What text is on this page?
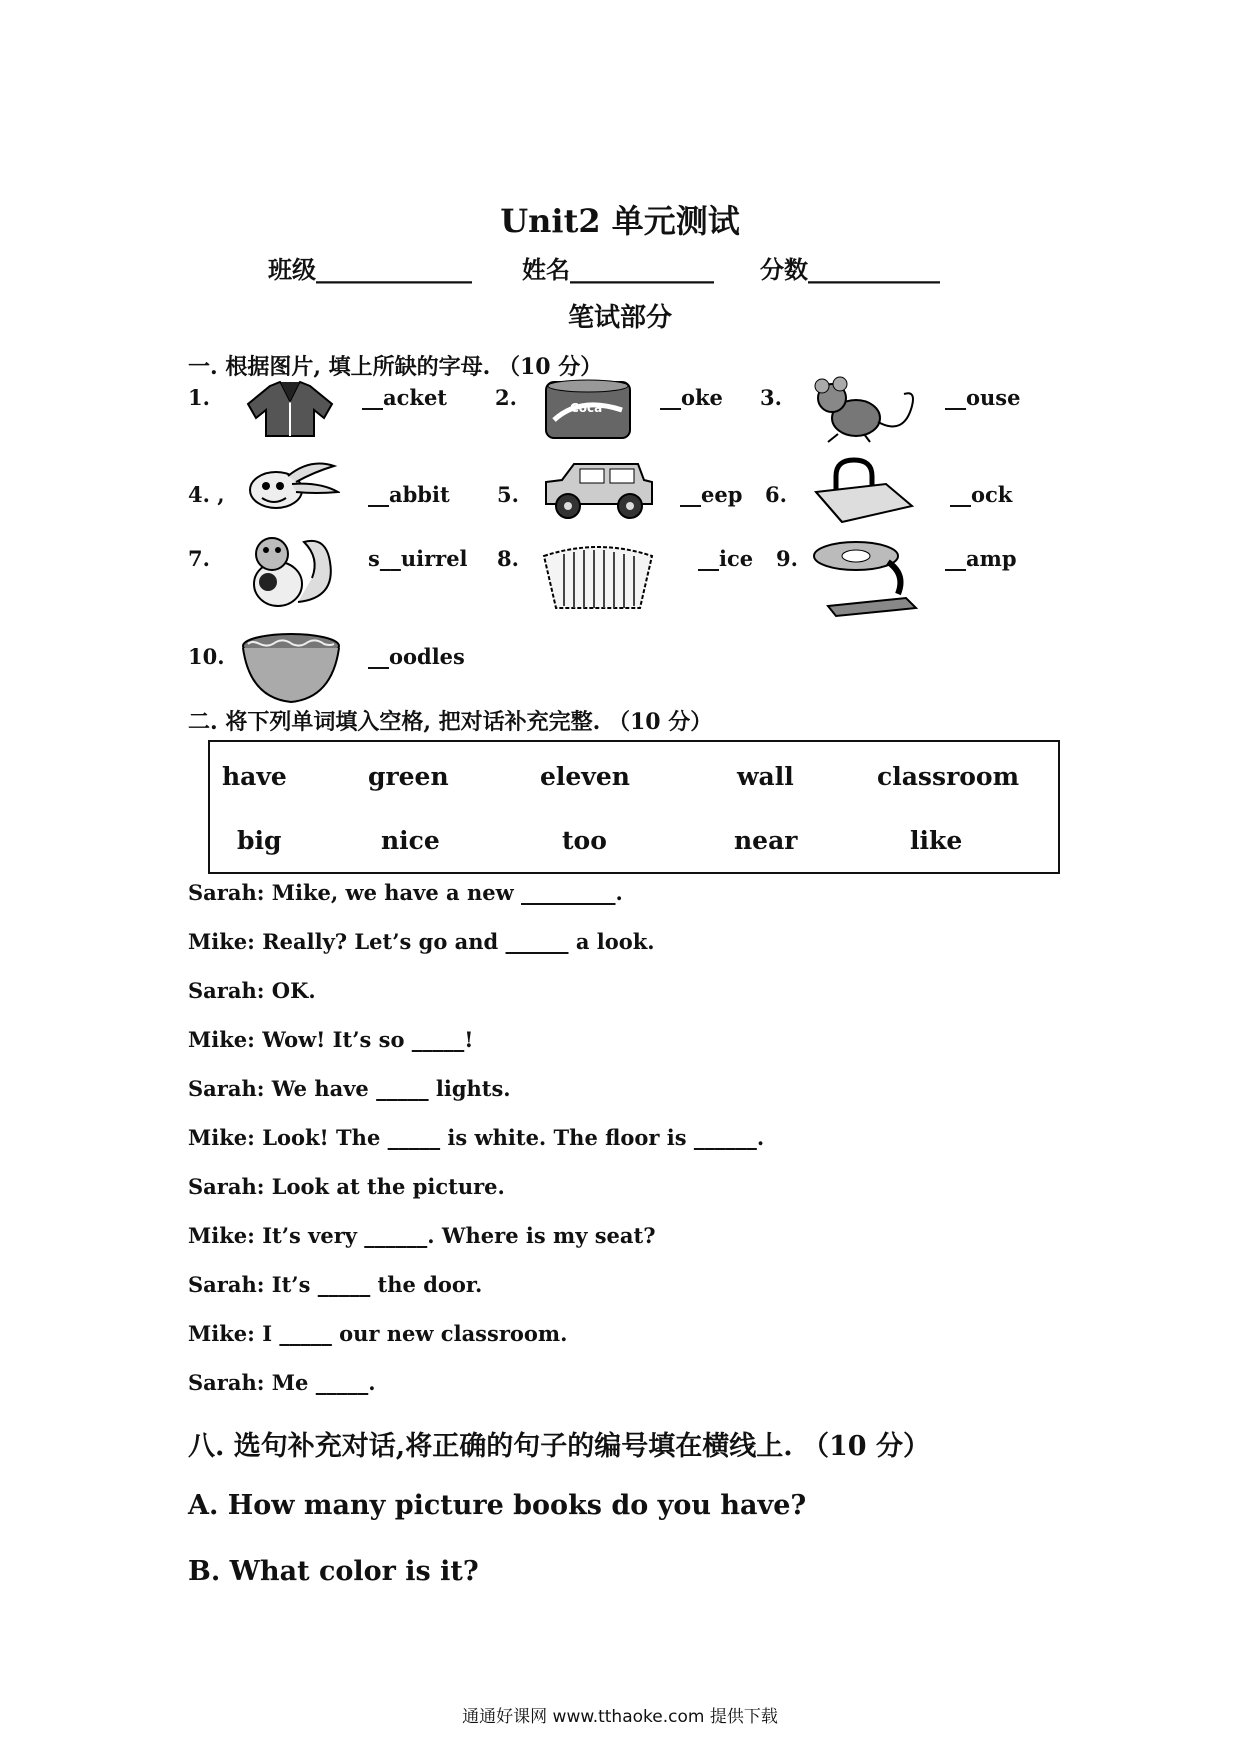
Unit2 单元测试
班级_____________ 姓名____________ 分数___________
笔试部分
一. 根据图片, 填上所缺的字母. （10 分）
1.	__acket 2.	Coca	__oke 3.	__ouse
4. ,	__abbit 5.	__eep 6.	__ock
7.	s__uirrel 8.	__ice 9.	__amp
10.	__oodles
二. 将下列单词填入空格, 把对话补充完整. （10 分）
have	green	eleven	wall	classroom
big	nice	too	near	like
Sarah: Mike, we have a new _________.
Mike: Really? Let’s go and ______ a look.
Sarah: OK.
Mike: Wow! It’s so _____!
Sarah: We have _____ lights.
Mike: Look! The _____ is white. The floor is ______.
Sarah: Look at the picture.
Mike: It’s very ______. Where is my seat?
Sarah: It’s _____ the door.
Mike: I _____ our new classroom.
Sarah: Me _____.
八. 选句补充对话,将正确的句子的编号填在横线上. （10 分）
A. How many picture books do you have?
B. What color is it?
通通好课网 www.tthaoke.com 提供下载
